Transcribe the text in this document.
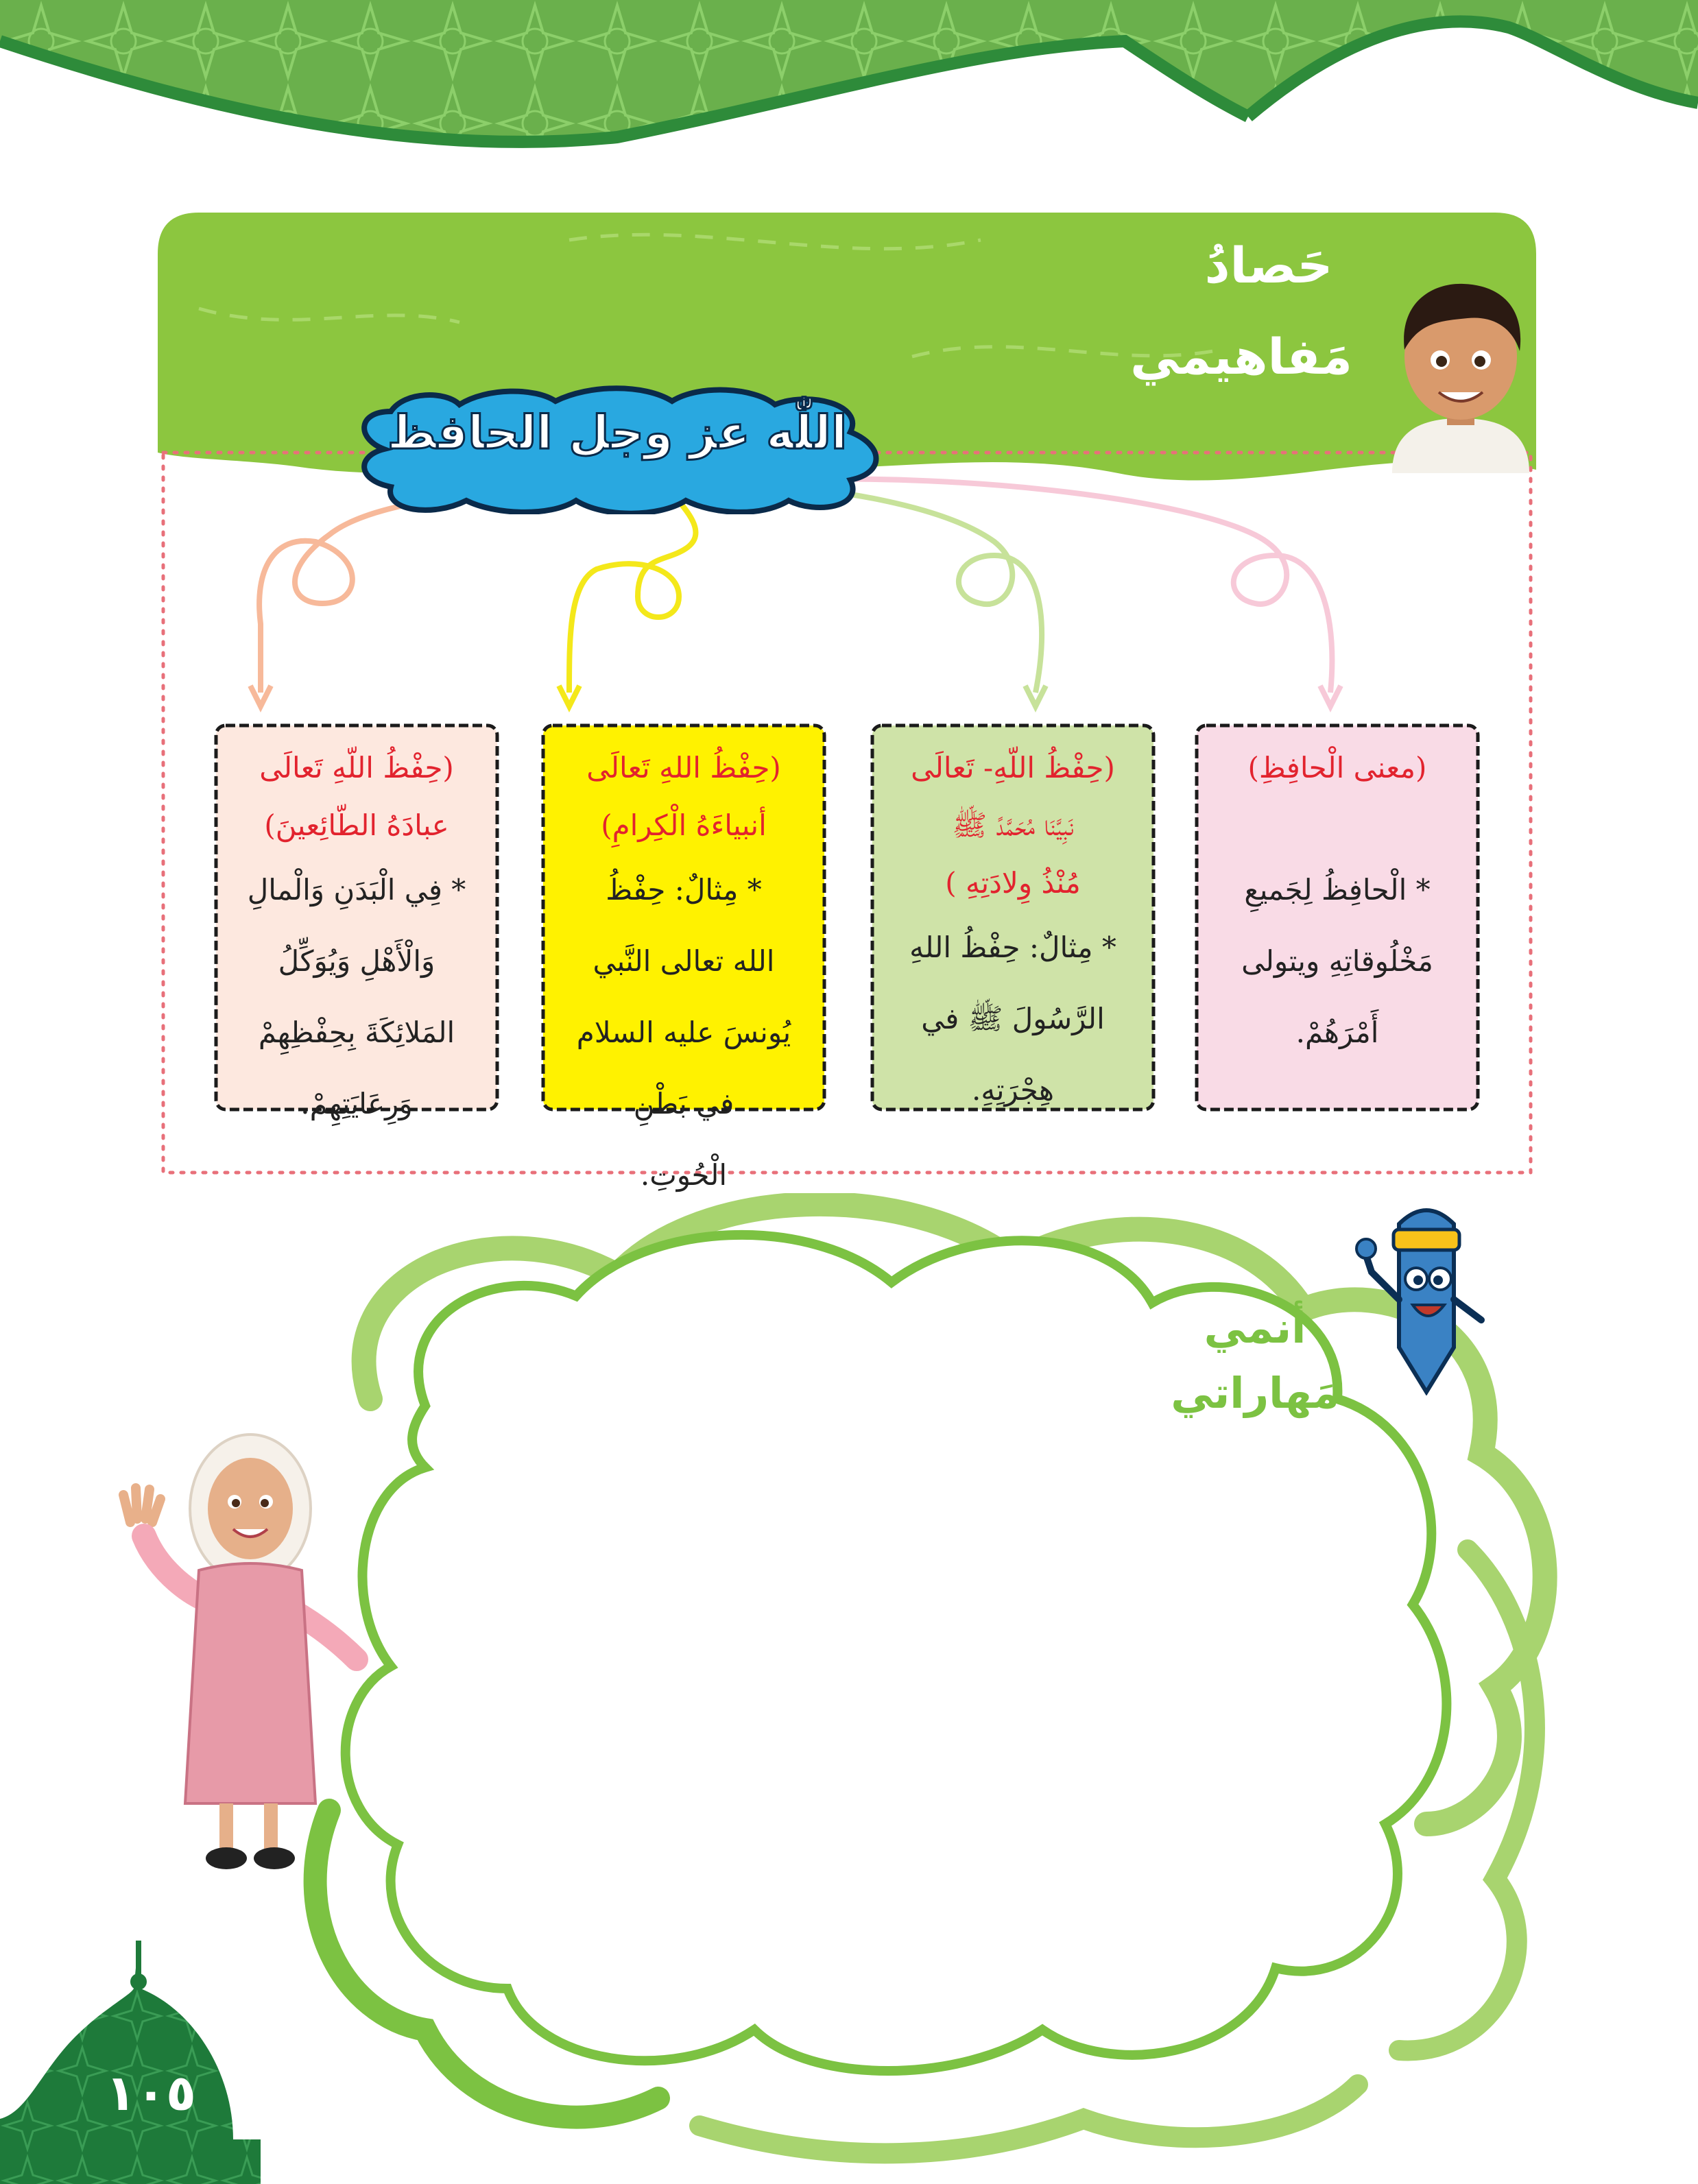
حَصادُ
مَفاهيمي
اللّٰه عز وجل الحافظ
(معنى الْحافِظِ)
* الْحافِظُ لِجَميعِ
مَخْلُوقاتِهِ ويتولى
أَمْرَهُمْ.
(حِفْظُ اللّهِ- تَعالَى
نَبِيَّنَا مُحَمَّدً ﷺ
مُنْذُ وِلادَتِهِ )
* مِثالٌ: حِفْظُ اللهِ
الرَّسُولَ ﷺ في
هِجْرَتِهِ.
(حِفْظُ اللهِ تَعالَى
أنبياءَهُ الْكِرامِ)
* مِثالٌ: حِفْظُ
الله تعالى النَّبي
يُونسَ عليه السلام في بَطْنِ
الْحُوتِ.
(حِفْظُ اللّهِ تَعالَى
عبادَهُ الطّائِعينَ)
* فِي الْبَدَنِ وَالْمالِ
وَالْأَهْلِ وَيُوَكِّلُ
المَلائِكَةَ بِحِفْظِهِمْ
وَرِعَايَتِهِمْ.
أنمي
مَهاراتي
١٠٥
